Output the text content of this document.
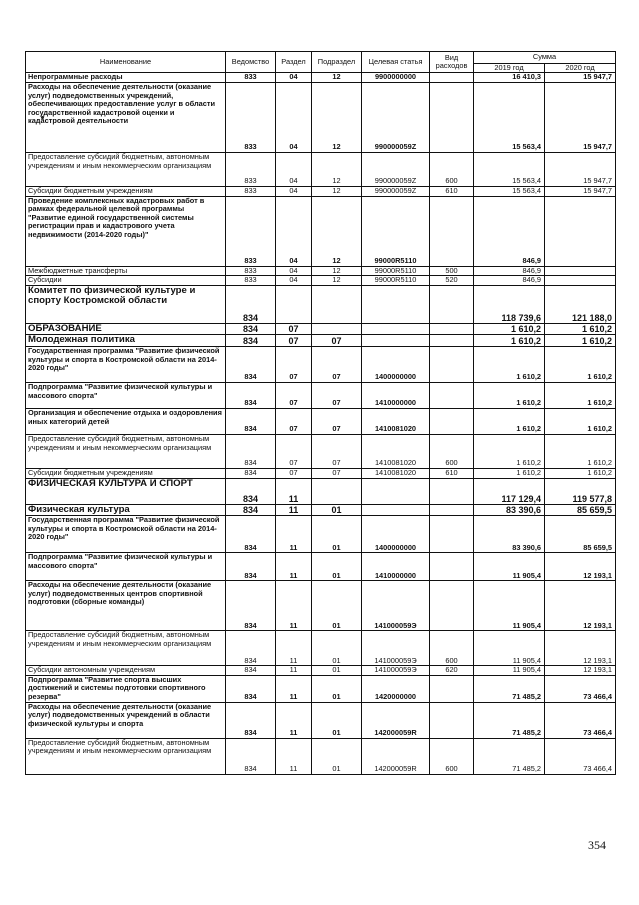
Наименование	Ведомство	Раздел	Подраздел	Целевая статья	Вид расходов	Сумма	
						2019 год	2020 год
Непрограммные расходы	833	04	12	9900000000		16 410,3	15 947,7
Расходы на обеспечение деятельности (оказание услуг) подведомственных учреждений, обеспечивающих предоставление услуг в области государственной кадастровой оценки и кадастровой деятельности	833	04	12	990000059Z		15 563,4	15 947,7
Предоставление субсидий бюджетным, автономным учреждениям и иным некоммерческим организациям	833	04	12	990000059Z	600	15 563,4	15 947,7
Субсидии бюджетным учреждениям	833	04	12	990000059Z	610	15 563,4	15 947,7
Проведение комплексных кадастровых работ в рамках федеральной целевой программы "Развитие единой государственной системы регистрации прав и кадастрового учета недвижимости (2014-2020 годы)"	833	04	12	99000R5110		846,9	
Межбюджетные трансферты	833	04	12	99000R5110	500	846,9	
Субсидии	833	04	12	99000R5110	520	846,9	
Комитет по физической культуре и спорту Костромской области	834					118 739,6	121 188,0
ОБРАЗОВАНИЕ	834	07				1 610,2	1 610,2
Молодежная политика	834	07	07			1 610,2	1 610,2
Государственная программа "Развитие физической культуры и спорта в Костромской области на 2014-2020 годы"	834	07	07	1400000000		1 610,2	1 610,2
Подпрограмма "Развитие физической культуры и массового спорта"	834	07	07	1410000000		1 610,2	1 610,2
Организация и обеспечение отдыха и оздоровления иных категорий детей	834	07	07	1410081020		1 610,2	1 610,2
Предоставление субсидий бюджетным, автономным учреждениям и иным некоммерческим организациям	834	07	07	1410081020	600	1 610,2	1 610,2
Субсидии бюджетным учреждениям	834	07	07	1410081020	610	1 610,2	1 610,2
ФИЗИЧЕСКАЯ КУЛЬТУРА И СПОРТ	834	11				117 129,4	119 577,8
Физическая культура	834	11	01			83 390,6	85 659,5
Государственная программа "Развитие физической культуры и спорта в Костромской области на 2014-2020 годы"	834	11	01	1400000000		83 390,6	85 659,5
Подпрограмма "Развитие физической культуры и массового спорта"	834	11	01	1410000000		11 905,4	12 193,1
Расходы на обеспечение деятельности (оказание услуг) подведомственных центров спортивной подготовки (сборные команды)	834	11	01	141000059Э		11 905,4	12 193,1
Предоставление субсидий бюджетным, автономным учреждениям и иным некоммерческим организациям	834	11	01	141000059Э	600	11 905,4	12 193,1
Субсидии автономным учреждениям	834	11	01	141000059Э	620	11 905,4	12 193,1
Подпрограмма "Развитие спорта высших достижений и системы подготовки спортивного резерва"	834	11	01	1420000000		71 485,2	73 466,4
Расходы на обеспечение деятельности (оказание услуг) подведомственных учреждений в области физической культуры и спорта	834	11	01	142000059R		71 485,2	73 466,4
Предоставление субсидий бюджетным, автономным учреждениям и иным некоммерческим организациям	834	11	01	142000059R	600	71 485,2	73 466,4
354
